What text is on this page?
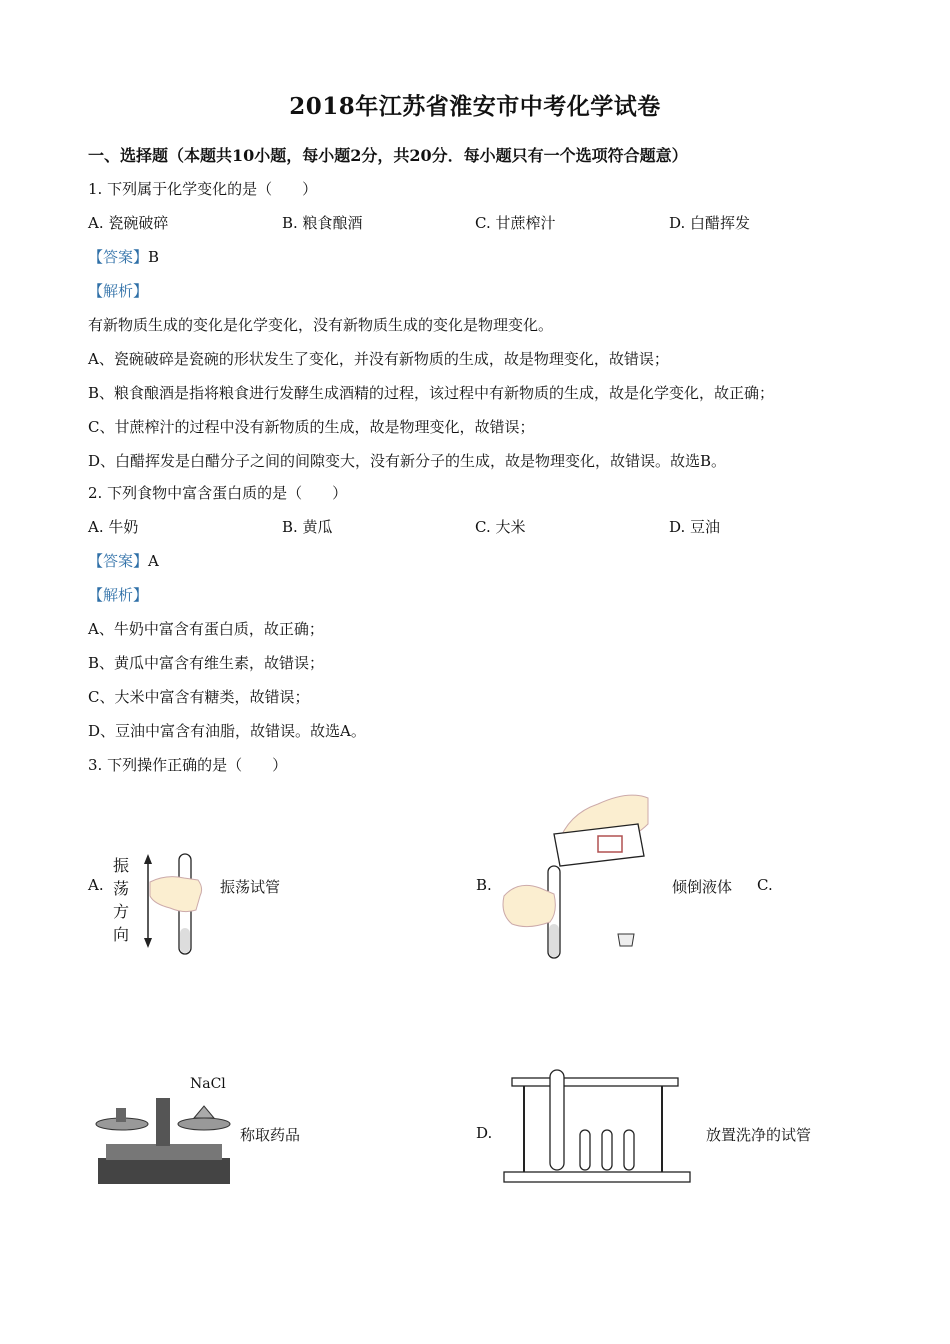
2018年江苏省淮安市中考化学试卷
一、选择题（本题共10小题，每小题2分，共20分．每小题只有一个选项符合题意）
1. 下列属于化学变化的是（　　）
A. 瓷碗破碎	B. 粮食酿酒	C. 甘蔗榨汁	D. 白醋挥发
【答案】B
【解析】
有新物质生成的变化是化学变化，没有新物质生成的变化是物理变化。
A、瓷碗破碎是瓷碗的形状发生了变化，并没有新物质的生成，故是物理变化，故错误；
B、粮食酿酒是指将粮食进行发酵生成酒精的过程，该过程中有新物质的生成，故是化学变化，故正确；
C、甘蔗榨汁的过程中没有新物质的生成，故是物理变化，故错误；
D、白醋挥发是白醋分子之间的间隙变大，没有新分子的生成，故是物理变化，故错误。故选B。
2. 下列食物中富含蛋白质的是（　　）
A. 牛奶	B. 黄瓜	C. 大米	D. 豆油
【答案】A
【解析】
A、牛奶中富含有蛋白质，故正确；
B、黄瓜中富含有维生素，故错误；
C、大米中富含有糖类，故错误；
D、豆油中富含有油脂，故错误。故选A。
3. 下列操作正确的是（　　）
A.
振
荡
方
向
振荡试管	B.	倾倒液体 C.
NaCl
称取药品	D.	放置洗净的试管
